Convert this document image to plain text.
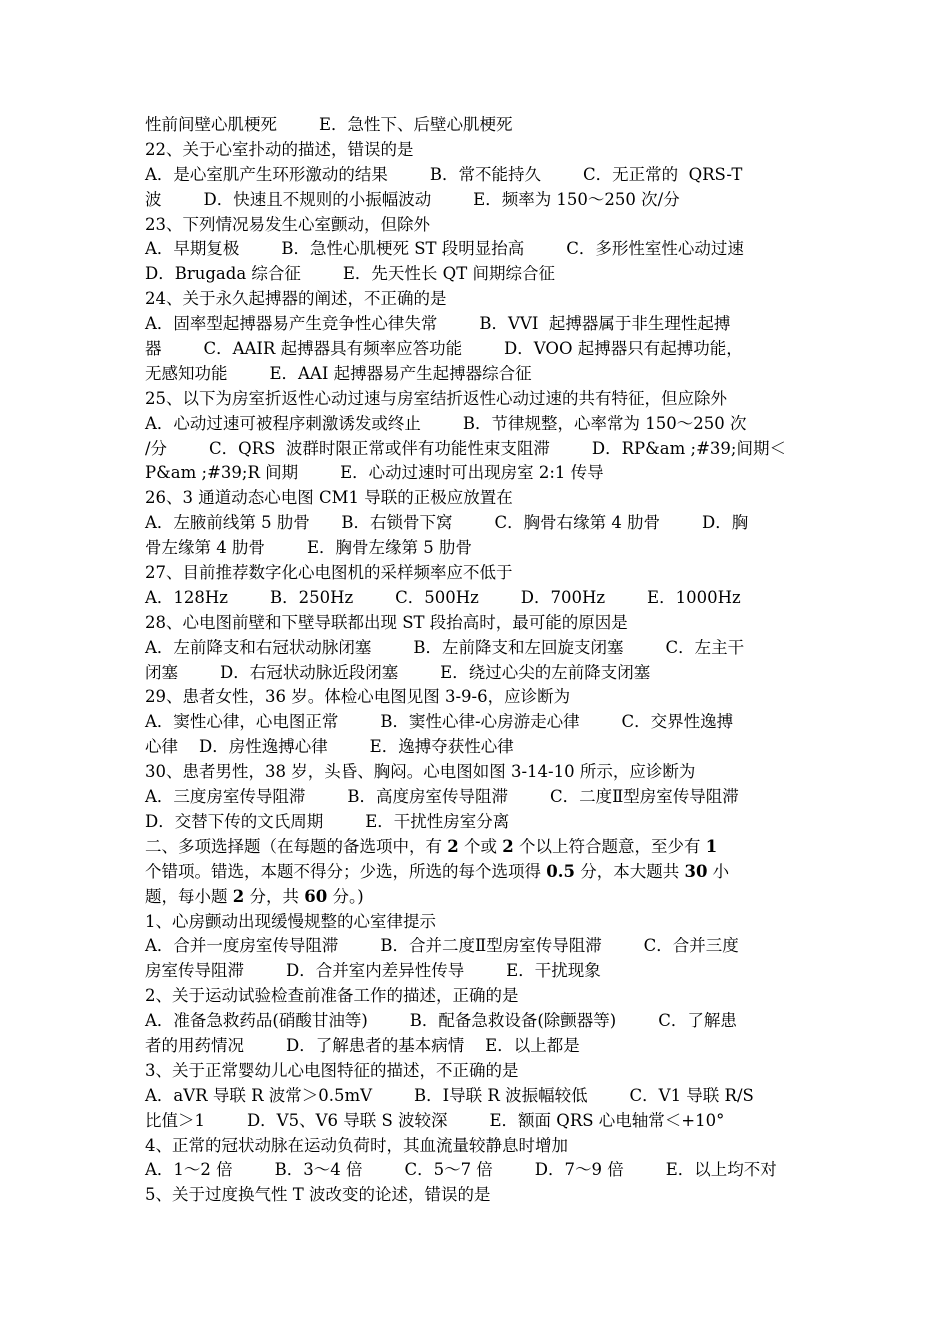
性前间壁心肌梗死        E．急性下、后壁心肌梗死
22、关于心室扑动的描述，错误的是
A．是心室肌产生环形激动的结果        B．常不能持久        C．无正常的  QRS-T
波        D．快速且不规则的小振幅波动        E．频率为 150～250 次/分
23、下列情况易发生心室颤动，但除外
A．早期复极        B．急性心肌梗死 ST 段明显抬高        C．多形性室性心动过速
D．Brugada 综合征        E．先天性长 QT 间期综合征
24、关于永久起搏器的阐述，不正确的是
A．固率型起搏器易产生竞争性心律失常        B．VVI  起搏器属于非生理性起搏
器        C．AAIR 起搏器具有频率应答功能        D．VOO 起搏器只有起搏功能，
无感知功能        E．AAI 起搏器易产生起搏器综合征
25、以下为房室折返性心动过速与房室结折返性心动过速的共有特征，但应除外
A．心动过速可被程序刺激诱发或终止        B．节律规整，心率常为 150～250 次
/分        C．QRS  波群时限正常或伴有功能性束支阻滞        D．RP&am ;#39;间期＜
P&am ;#39;R 间期        E．心动过速时可出现房室 2:1 传导
26、3 通道动态心电图 CM1 导联的正极应放置在
A．左腋前线第 5 肋骨      B．右锁骨下窝        C．胸骨右缘第 4 肋骨        D．胸
骨左缘第 4 肋骨        E．胸骨左缘第 5 肋骨
27、目前推荐数字化心电图机的采样频率应不低于
A．128Hz        B．250Hz        C．500Hz        D．700Hz        E．1000Hz
28、心电图前壁和下壁导联都出现 ST 段抬高时，最可能的原因是
A．左前降支和右冠状动脉闭塞        B．左前降支和左回旋支闭塞        C．左主干
闭塞        D．右冠状动脉近段闭塞        E．绕过心尖的左前降支闭塞
29、患者女性，36 岁。体检心电图见图 3-9-6，应诊断为
A．窦性心律，心电图正常        B．窦性心律-心房游走心律        C．交界性逸搏
心律    D．房性逸搏心律        E．逸搏夺获性心律
30、患者男性，38 岁，头昏、胸闷。心电图如图 3-14-10 所示，应诊断为
A．三度房室传导阻滞        B．高度房室传导阻滞        C．二度Ⅱ型房室传导阻滞
D．交替下传的文氏周期        E．干扰性房室分离
二、多项选择题（在每题的备选项中，有 2 个或 2 个以上符合题意，至少有 1
个错项。错选，本题不得分；少选，所选的每个选项得 0.5 分，本大题共 30 小
题，每小题 2 分，共 60 分。)
1、心房颤动出现缓慢规整的心室律提示
A．合并一度房室传导阻滞        B．合并二度Ⅱ型房室传导阻滞        C．合并三度
房室传导阻滞        D．合并室内差异性传导        E．干扰现象
2、关于运动试验检查前准备工作的描述，正确的是
A．准备急救药品(硝酸甘油等)        B．配备急救设备(除颤器等)        C．了解患
者的用药情况        D．了解患者的基本病情    E．以上都是
3、关于正常婴幼儿心电图特征的描述，不正确的是
A．aVR 导联 R 波常＞0.5mV        B．Ⅰ导联 R 波振幅较低        C．V1 导联 R/S
比值＞1        D．V5、V6 导联 S 波较深        E．额面 QRS 心电轴常＜+10°
4、正常的冠状动脉在运动负荷时，其血流量较静息时增加
A．1～2 倍        B．3～4 倍        C．5～7 倍        D．7～9 倍        E．以上均不对
5、关于过度换气性 T 波改变的论述，错误的是
